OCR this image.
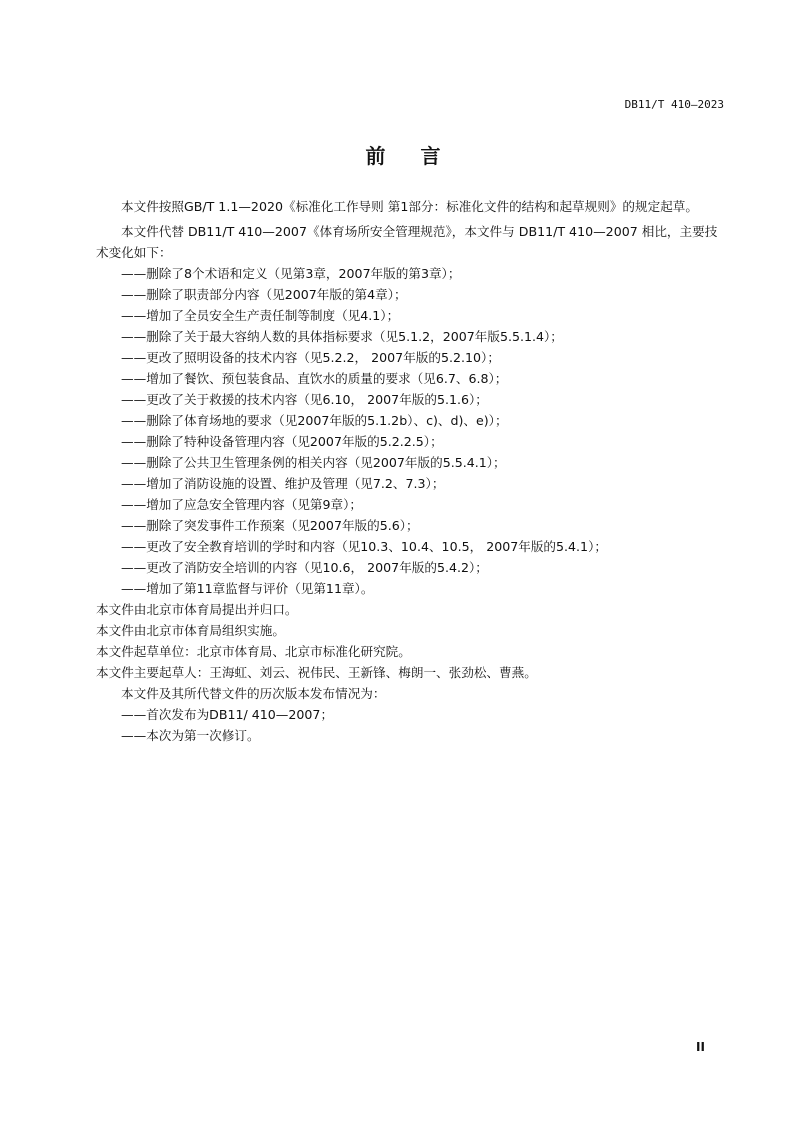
DB11/T 410—2023
前 言

本文件按照GB/T 1.1—2020《标准化工作导则 第1部分：标准化文件的结构和起草规则》的规定起草。

本文件代替 DB11/T 410—2007《体育场所安全管理规范》，本文件与 DB11/T 410—2007 相比，主要技术变化如下：

——删除了8个术语和定义（见第3章，2007年版的第3章）；

——删除了职责部分内容（见2007年版的第4章）；

——增加了全员安全生产责任制等制度（见4.1）；

——删除了关于最大容纳人数的具体指标要求（见5.1.2，2007年版5.5.1.4）；

——更改了照明设备的技术内容（见5.2.2， 2007年版的5.2.10）；

——增加了餐饮、预包装食品、直饮水的质量的要求（见6.7、6.8）；

——更改了关于救援的技术内容（见6.10， 2007年版的5.1.6）；

——删除了体育场地的要求（见2007年版的5.1.2b）、c)、d)、e)）；

——删除了特种设备管理内容（见2007年版的5.2.2.5）；

——删除了公共卫生管理条例的相关内容（见2007年版的5.5.4.1）；

——增加了消防设施的设置、维护及管理（见7.2、7.3）；

——增加了应急安全管理内容（见第9章）；

——删除了突发事件工作预案（见2007年版的5.6）；

——更改了安全教育培训的学时和内容（见10.3、10.4、10.5， 2007年版的5.4.1）；

——更改了消防安全培训的内容（见10.6， 2007年版的5.4.2）；

——增加了第11章监督与评价（见第11章）。

本文件由北京市体育局提出并归口。

本文件由北京市体育局组织实施。

本文件起草单位：北京市体育局、北京市标准化研究院。

本文件主要起草人：王海虹、刘云、祝伟民、王新锋、梅朗一、张劲松、曹燕。

本文件及其所代替文件的历次版本发布情况为：

——首次发布为DB11/ 410—2007；

——本次为第一次修订。

II
